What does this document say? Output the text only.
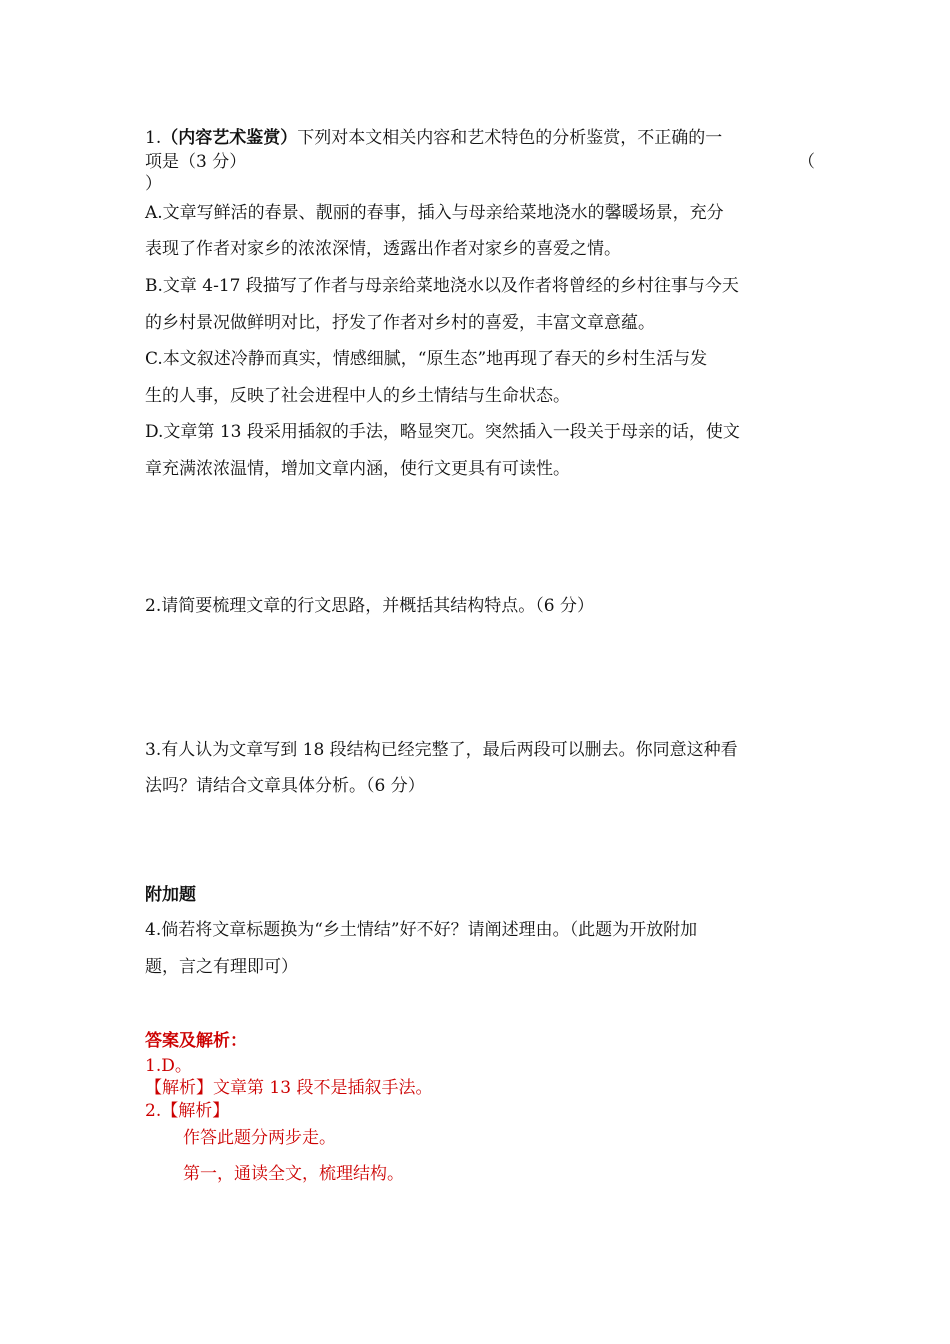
1.（内容艺术鉴赏）下列对本文相关内容和艺术特色的分析鉴赏，不正确的一
项是（3 分）	（
）
A.文章写鲜活的春景、靓丽的春事，插入与母亲给菜地浇水的馨暖场景，充分
表现了作者对家乡的浓浓深情，透露出作者对家乡的喜爱之情。
B.文章 4-17 段描写了作者与母亲给菜地浇水以及作者将曾经的乡村往事与今天
的乡村景况做鲜明对比，抒发了作者对乡村的喜爱，丰富文章意蕴。
C.本文叙述冷静而真实，情感细腻，“原生态”地再现了春天的乡村生活与发
生的人事，反映了社会进程中人的乡土情结与生命状态。
D.文章第 13 段采用插叙的手法，略显突兀。突然插入一段关于母亲的话，使文
章充满浓浓温情，增加文章内涵，使行文更具有可读性。
2.请简要梳理文章的行文思路，并概括其结构特点。（6 分）
3.有人认为文章写到 18 段结构已经完整了，最后两段可以删去。你同意这种看
法吗？请结合文章具体分析。（6 分）
附加题
4.倘若将文章标题换为“乡土情结”好不好？请阐述理由。（此题为开放附加
题，言之有理即可）
答案及解析：
1.D。
【解析】文章第 13 段不是插叙手法。
2.【解析】
作答此题分两步走。
第一，通读全文，梳理结构。
